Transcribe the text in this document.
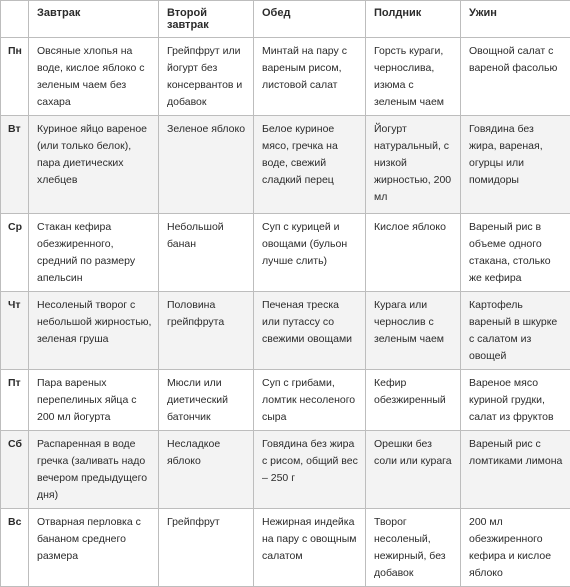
	Завтрак	Второй завтрак	Обед	Полдник	Ужин
Пн	Овсяные хлопья на воде, кислое яблоко с зеленым чаем без сахара	Грейпфрут или йогурт без консервантов и добавок	Минтай на пару с вареным рисом, листовой салат	Горсть кураги, чернослива, изюма с зеленым чаем	Овощной салат с вареной фасолью
Вт	Куриное яйцо вареное (или только белок), пара диетических хлебцев	Зеленое яблоко	Белое куриное мясо, гречка на воде, свежий сладкий перец	Йогурт натуральный, с низкой жирностью, 200 мл	Говядина без жира, вареная, огурцы или помидоры
Ср	Стакан кефира обезжиренного, средний по размеру апельсин	Небольшой банан	Суп с курицей и овощами (бульон лучше слить)	Кислое яблоко	Вареный рис в объеме одного стакана, столько же кефира
Чт	Несоленый творог с небольшой жирностью, зеленая груша	Половина грейпфрута	Печеная треска или путассу со свежими овощами	Курага или чернослив с зеленым чаем	Картофель вареный в шкурке с салатом из овощей
Пт	Пара вареных перепелиных яйца с 200 мл йогурта	Мюсли или диетический батончик	Суп с грибами, ломтик несоленого сыра	Кефир обезжиренный	Вареное мясо куриной грудки, салат из фруктов
Сб	Распаренная в воде гречка (заливать надо вечером предыдущего дня)	Несладкое яблоко	Говядина без жира с рисом, общий вес – 250 г	Орешки без соли или курага	Вареный рис с ломтиками лимона
Вс	Отварная перловка с бананом среднего размера	Грейпфрут	Нежирная индейка на пару с овощным салатом	Творог несоленый, нежирный, без добавок	200 мл обезжиренного кефира и кислое яблоко
